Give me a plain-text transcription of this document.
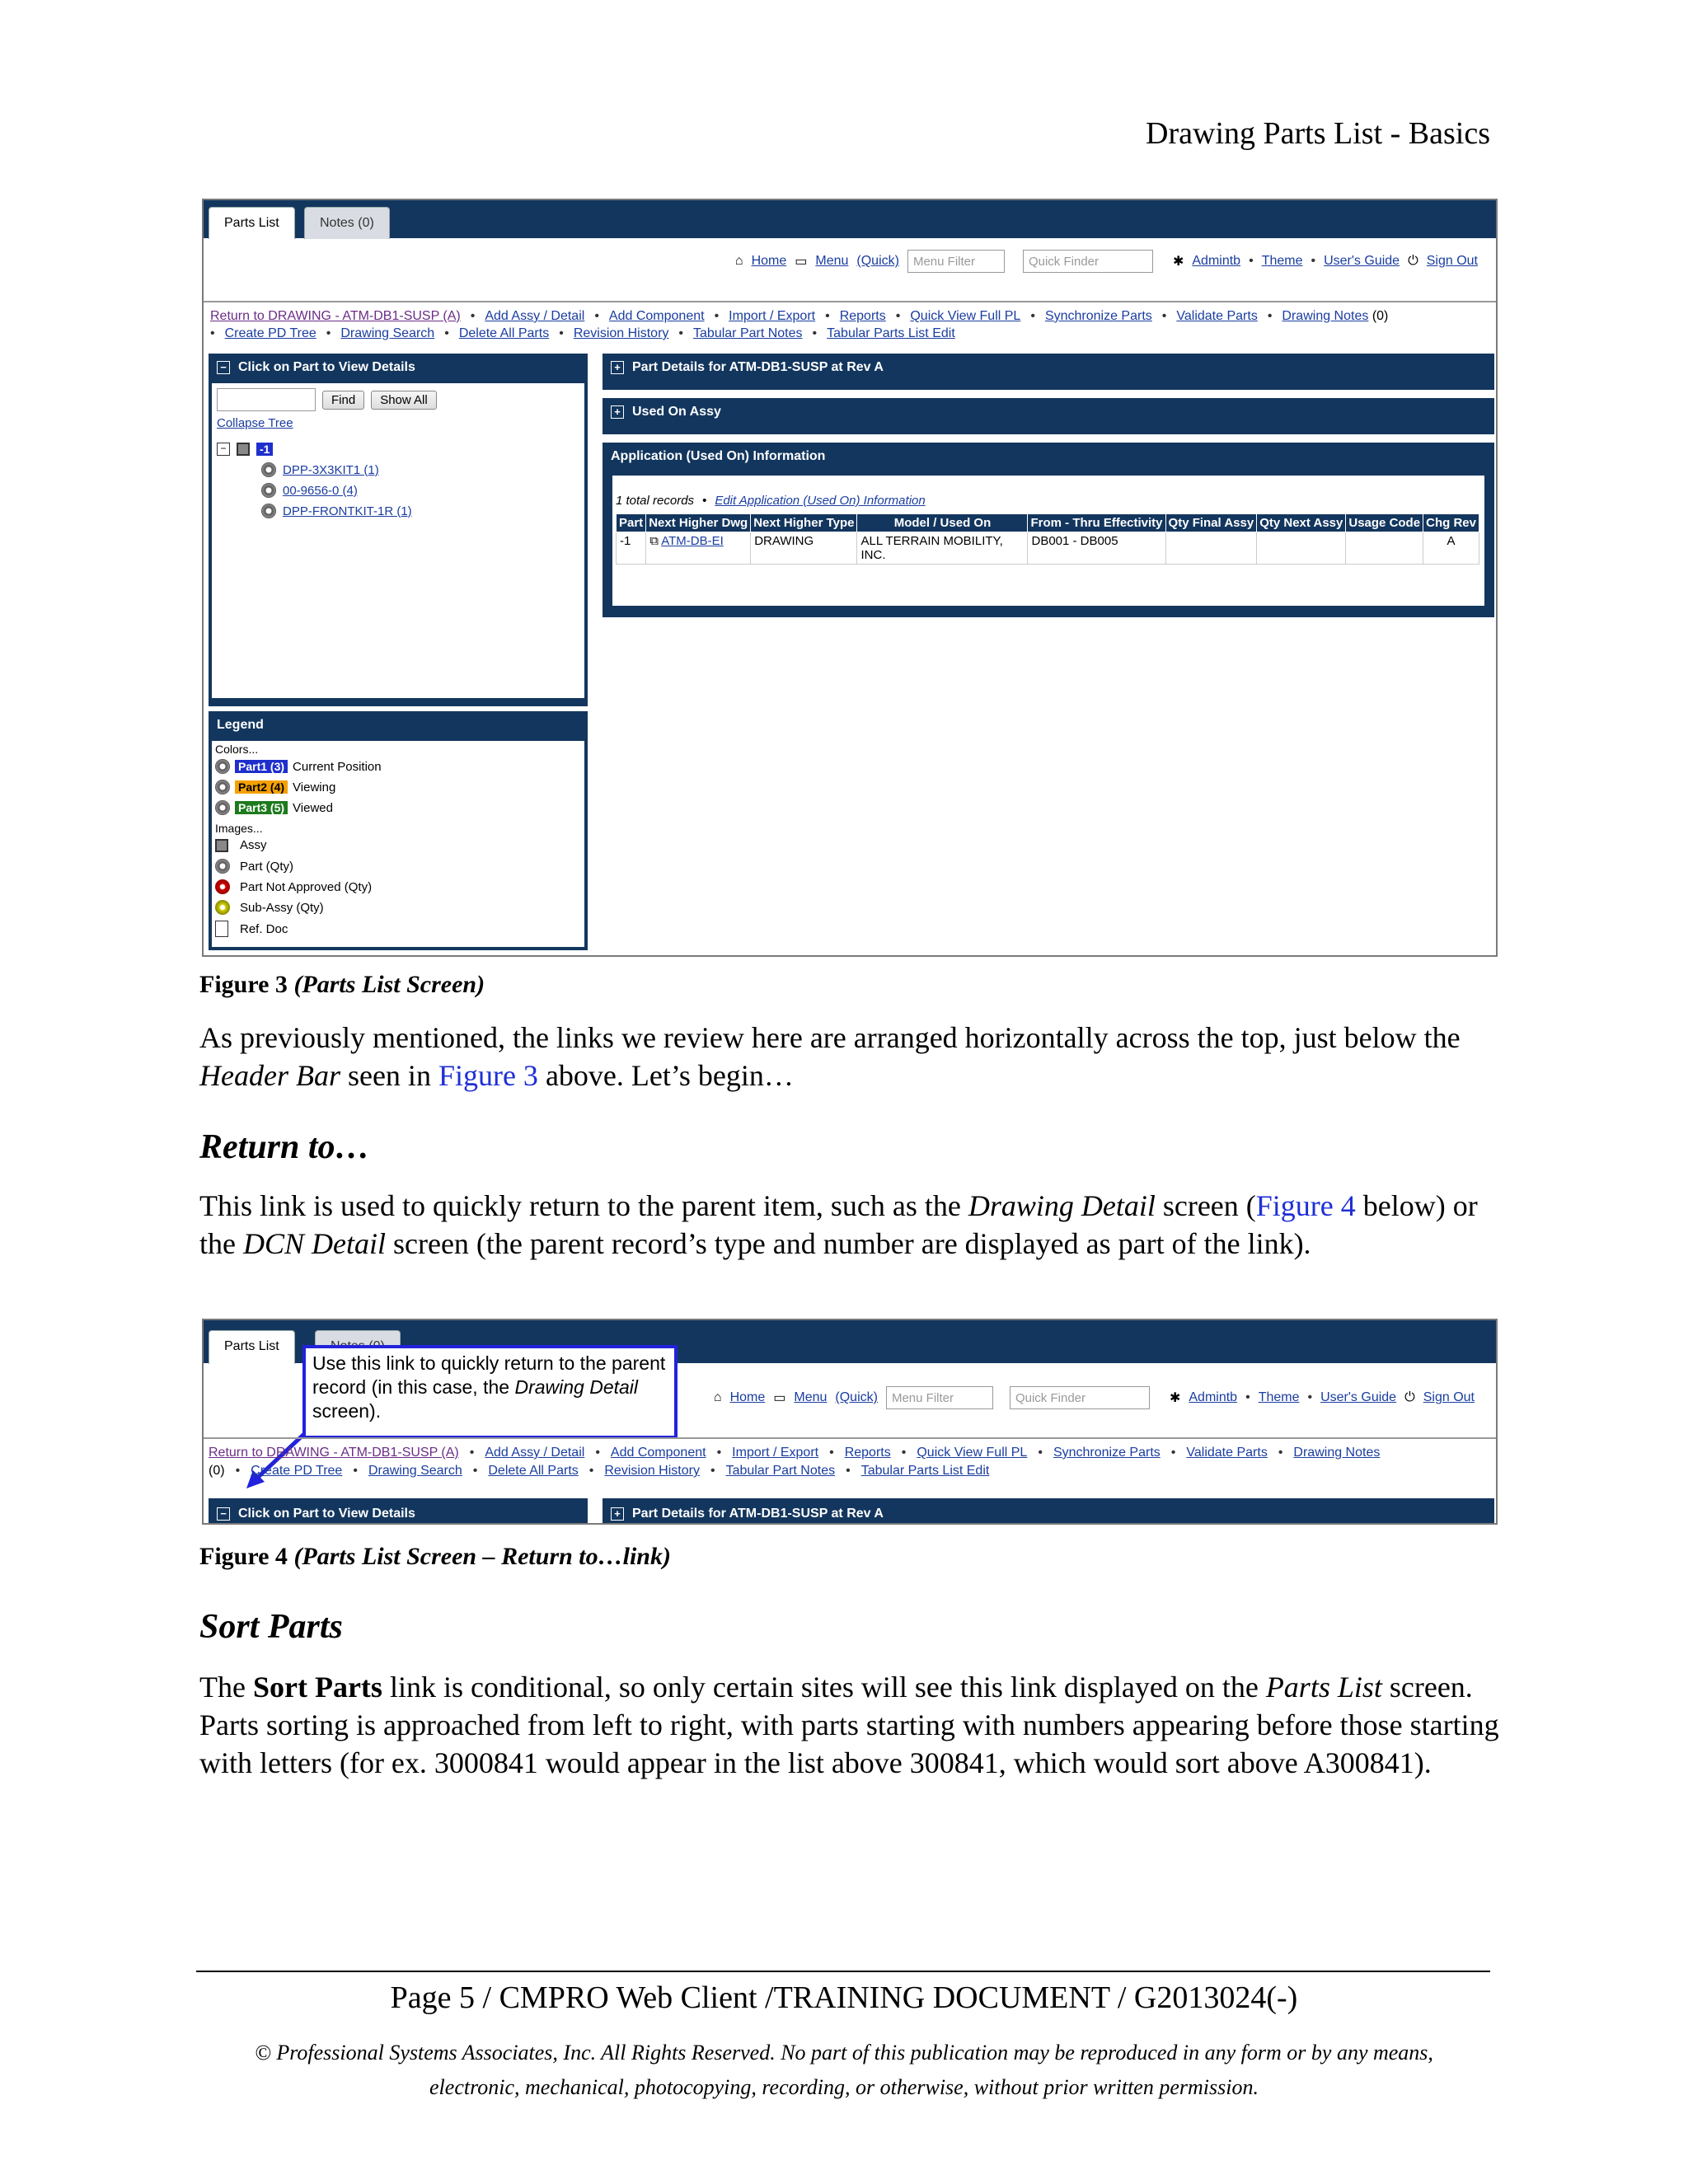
Drawing Parts List - Basics
Parts List	Notes (0)
⌂ Home ▭ Menu (Quick)	Menu Filter	Quick Finder	✱ Admintb • Theme • User's Guide ⏻ Sign Out
Return to DRAWING - ATM-DB1-SUSP (A) • Add Assy / Detail • Add Component • Import / Export • Reports • Quick View Full PL • Synchronize Parts • Validate Parts • Drawing Notes (0)
• Create PD Tree • Drawing Search • Delete All Parts • Revision History • Tabular Part Notes • Tabular Parts List Edit
− Click on Part to View Details
Find	Show All
Collapse Tree
−	-1
DPP-3X3KIT1 (1)
00-9656-0 (4)
DPP-FRONTKIT-1R (1)
Legend
Colors...
Part1 (3) Current Position
Part2 (4) Viewing
Part3 (5) Viewed
Images...
Assy
Part (Qty)
Part Not Approved (Qty)
Sub-Assy (Qty)
Ref. Doc
+ Part Details for ATM-DB1-SUSP at Rev A
+ Used On Assy
Application (Used On) Information
1 total records • Edit Application (Used On) Information
Part	Next Higher Dwg	Next Higher Type	Model / Used On	From - Thru Effectivity	Qty Final Assy	Qty Next Assy	Usage Code	Chg Rev
-1	⧉ ATM-DB-EI	DRAWING	ALL TERRAIN MOBILITY, INC.	DB001 - DB005				A
Figure 3 (Parts List Screen)
As previously mentioned, the links we review here are arranged horizontally across the top, just below the Header Bar seen in Figure 3 above. Let’s begin…
Return to…
This link is used to quickly return to the parent item, such as the Drawing Detail screen (Figure 4 below) or the DCN Detail screen (the parent record’s type and number are displayed as part of the link).
Parts List
⌂ Home ▭ Menu (Quick)	Menu Filter	Quick Finder	✱ Admintb • Theme • User's Guide ⏻ Sign Out
Use this link to quickly return to the parent record (in this case, the Drawing Detail screen).
Return to DRAWING - ATM-DB1-SUSP (A) • Add Assy / Detail • Add Component • Import / Export • Reports • Quick View Full PL • Synchronize Parts • Validate Parts • Drawing Notes
(0) • Create PD Tree • Drawing Search • Delete All Parts • Revision History • Tabular Part Notes • Tabular Parts List Edit
− Click on Part to View Details	+ Part Details for ATM-DB1-SUSP at Rev A
Figure 4 (Parts List Screen – Return to…link)
Sort Parts
The Sort Parts link is conditional, so only certain sites will see this link displayed on the Parts List screen. Parts sorting is approached from left to right, with parts starting with numbers appearing before those starting with letters (for ex. 3000841 would appear in the list above 300841, which would sort above A300841).
Page 5 / CMPRO Web Client /TRAINING DOCUMENT / G2013024(-)
© Professional Systems Associates, Inc. All Rights Reserved. No part of this publication may be reproduced in any form or by any means,
electronic, mechanical, photocopying, recording, or otherwise, without prior written permission.
